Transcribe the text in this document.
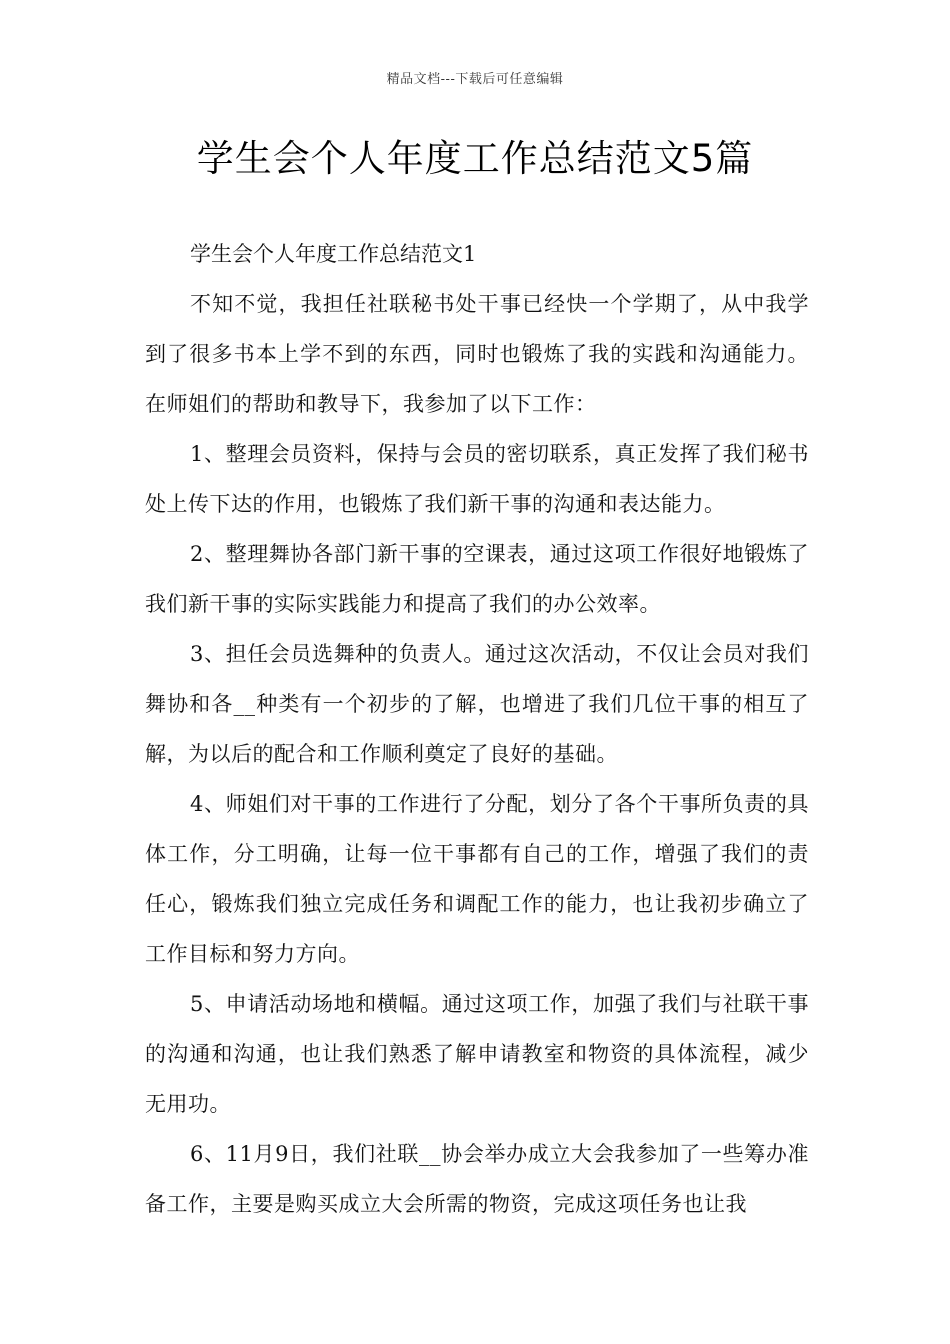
精品文档---下载后可任意编辑
学生会个人年度工作总结范文5篇

学生会个人年度工作总结范文1

不知不觉，我担任社联秘书处干事已经快一个学期了，从中我学到了很多书本上学不到的东西，同时也锻炼了我的实践和沟通能力。在师姐们的帮助和教导下，我参加了以下工作：

1、整理会员资料，保持与会员的密切联系，真正发挥了我们秘书处上传下达的作用，也锻炼了我们新干事的沟通和表达能力。

2、整理舞协各部门新干事的空课表，通过这项工作很好地锻炼了我们新干事的实际实践能力和提高了我们的办公效率。

3、担任会员选舞种的负责人。通过这次活动，不仅让会员对我们舞协和各__种类有一个初步的了解，也增进了我们几位干事的相互了解，为以后的配合和工作顺利奠定了良好的基础。

4、师姐们对干事的工作进行了分配，划分了各个干事所负责的具体工作，分工明确，让每一位干事都有自己的工作，增强了我们的责任心，锻炼我们独立完成任务和调配工作的能力，也让我初步确立了工作目标和努力方向。

5、申请活动场地和横幅。通过这项工作，加强了我们与社联干事的沟通和沟通，也让我们熟悉了解申请教室和物资的具体流程，减少无用功。

6、11月9日，我们社联__协会举办成立大会我参加了一些筹办准备工作，主要是购买成立大会所需的物资，完成这项任务也让我
